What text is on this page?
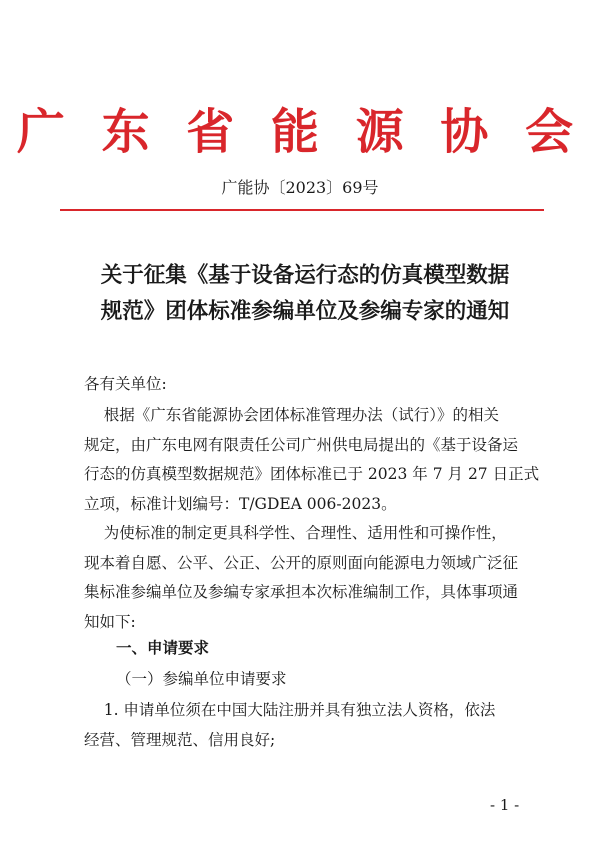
广 东 省 能 源 协 会
广能协〔2023〕69号
关于征集《基于设备运行态的仿真模型数据
规范》团体标准参编单位及参编专家的通知
各有关单位:
根据《广东省能源协会团体标准管理办法（试行）》的相关
规定，由广东电网有限责任公司广州供电局提出的《基于设备运
行态的仿真模型数据规范》团体标准已于 2023 年 7 月 27 日正式
立项，标准计划编号：T/GDEA 006-2023。
为使标准的制定更具科学性、合理性、适用性和可操作性，
现本着自愿、公平、公正、公开的原则面向能源电力领域广泛征
集标准参编单位及参编专家承担本次标准编制工作，具体事项通
知如下:
一、申请要求
（一）参编单位申请要求
1. 申请单位须在中国大陆注册并具有独立法人资格，依法
经营、管理规范、信用良好;
- 1 -
